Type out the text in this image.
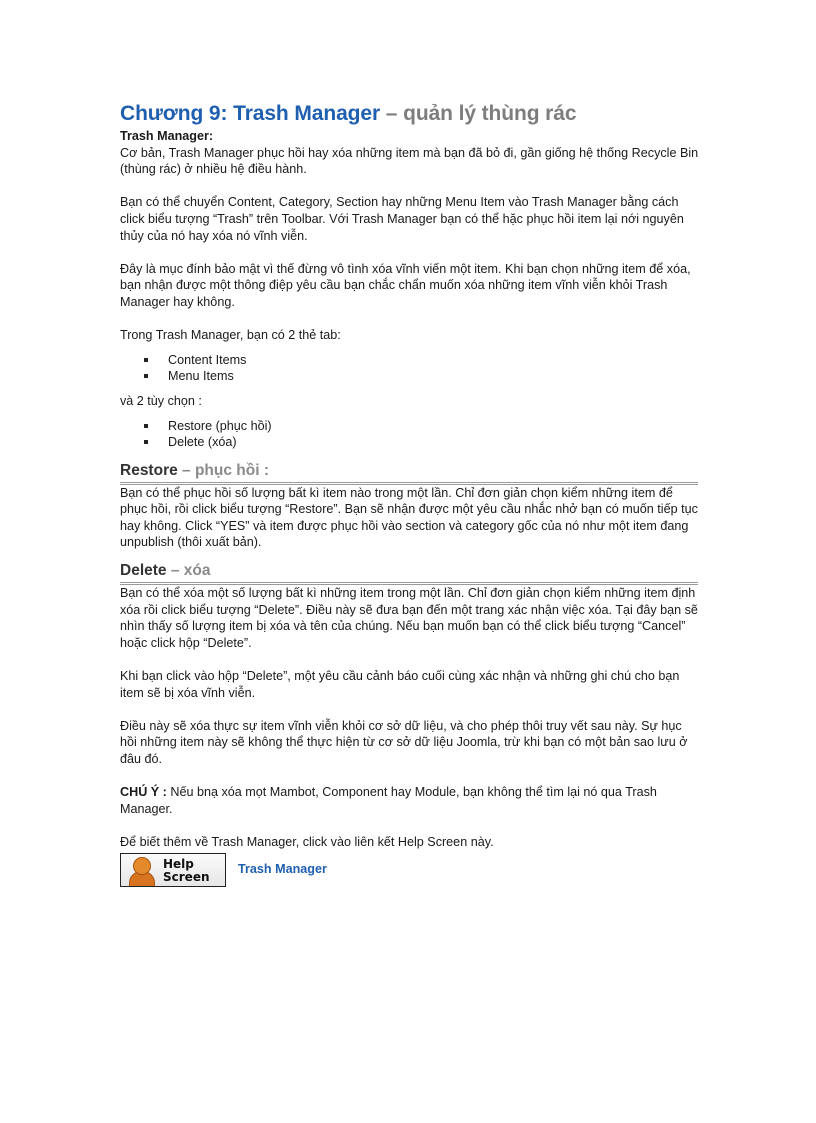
Chương 9: Trash Manager – quản lý thùng rác

Trash Manager:

Cơ bản, Trash Manager phục hồi hay xóa những item mà bạn đã bỏ đi, gần giống hệ thống Recycle Bin (thùng rác) ở nhiều hệ điều hành.

Bạn có thể chuyển Content, Category, Section hay những Menu Item vào Trash Manager bằng cách click biểu tượng “Trash” trên Toolbar. Với Trash Manager bạn có thể hặc phục hồi item lại nới nguyên thủy của nó hay xóa nó vĩnh viễn.

Đây là mục đính bảo mật vì thế đừng vô tình xóa vĩnh viến một item. Khi bạn chọn những item để xóa, bạn nhận được một thông điệp yêu cầu bạn chắc chẩn muốn xóa những item vĩnh viễn khỏi Trash Manager hay không.

Trong Trash Manager, bạn có 2 thẻ tab:

Content Items
Menu Items

và 2 tùy chọn :

Restore (phục hồi)
Delete (xóa)
Restore – phục hồi :

Bạn có thể phục hồi số lượng bất kì item nào trong một lần. Chỉ đơn giản chọn kiểm những item để phục hồi, rồi click biểu tượng “Restore”. Bạn sẽ nhận được một yêu cầu nhắc nhở bạn có muốn tiếp tục hay không. Click “YES” và item được phục hồi vào section và category gốc của nó như một item đang unpublish (thôi xuất bản).

Delete – xóa

Bạn có thể xóa một số lượng bất kì những item trong một lần. Chỉ đơn giản chọn kiểm những item định xóa rồi click biểu tượng “Delete”. Điều này sẽ đưa bạn đến một trang xác nhận việc xóa. Tại đây bạn sẽ nhìn thấy số lượng item bị xóa và tên của chúng. Nếu bạn muốn bạn có thể click biểu tượng “Cancel” hoặc click hộp “Delete”.

Khi bạn click vào hộp “Delete”, một yêu cầu cảnh báo cuối cùng xác nhận và những ghi chú cho bạn item sẽ bị xóa vĩnh viễn.

Điều này sẽ xóa thực sự item vĩnh viễn khỏi cơ sở dữ liệu, và cho phép thôi truy vết sau này. Sự hục hồi những item này sẽ không thể thực hiện từ cơ sở dữ liệu Joomla, trừ khi bạn có một bản sao lưu ở đâu đó.

CHÚ Ý : Nếu bnạ xóa mọt Mambot, Component hay Module, bạn không thể tìm lại nó qua Trash Manager.

Để biết thêm về Trash Manager, click vào liên kết Help Screen này.

Help
Screen
Trash Manager
